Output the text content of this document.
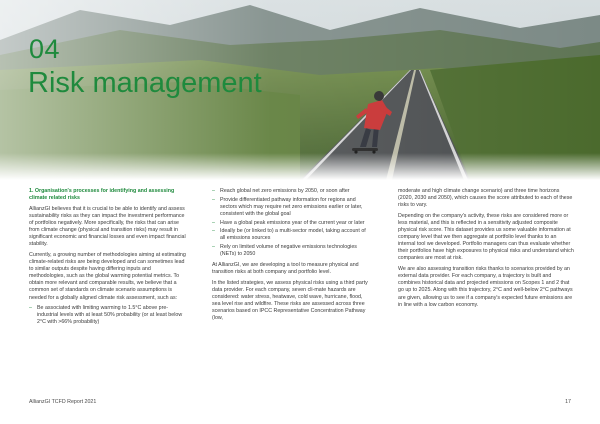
04
Risk management

1. Organisation's processes for identifying and assessing climate related risks

AllianzGI believes that it is crucial to be able to identify and assess sustainability risks as they can impact the investment performance of portfolios negatively. More specifically, the risks that can arise from climate change (physical and transition risks) may result in significant economic and financial losses and even impact financial stability.

Currently, a growing number of methodologies aiming at estimating climate-related risks are being developed and can sometimes lead to similar outputs despite having differing inputs and methodologies, such as the global warming potential metrics. To obtain more relevant and comparable results, we believe that a common set of standards on climate scenario assumptions is needed for a globally aligned climate risk assessment, such as:

– Be associated with limiting warming to 1.5°C above pre-industrial levels with at least 50% probability (or at least below 2°C with >66% probability)
– Reach global net zero emissions by 2050, or soon after
– Provide differentiated pathway information for regions and sectors which may require net zero emissions earlier or later, consistent with the global goal
– Have a global peak emissions year of the current year or later
– Ideally be (or linked to) a multi-sector model, taking account of all emissions sources
– Rely on limited volume of negative emissions technologies (NETs) to 2050

At AllianzGI, we are developing a tool to measure physical and transition risks at both company and portfolio level.

In the listed strategies, we assess physical risks using a third party data provider. For each company, seven cli-mate hazards are considered: water stress, heatwave, cold wave, hurricane, flood, sea level rise and wildfire. These risks are assessed across three scenarios based on IPCC Representative Concentration Pathway (low,

moderate and high climate change scenario) and three time horizons (2020, 2030 and 2050), which causes the score attributed to each of these risks to vary.

Depending on the company's activity, these risks are considered more or less material, and this is reflected in a sensitivity adjusted composite physical risk score. This dataset provides us some valuable information at company level that we then aggregate at portfolio level thanks to an internal tool we developed. Portfolio managers can thus evaluate whether their portfolios have high exposures to physical risks and understand which companies are most at risk.

We are also assessing transition risks thanks to scenarios provided by an external data provider. For each company, a trajectory is built and combines historical data and projected emissions on Scopes 1 and 2 that go up to 2025. Along with this trajectory, 2°C and well-below 2°C pathways are given, allowing us to see if a company's expected future emissions are in line with a low carbon economy.

AllianzGI TCFD Report 2021	17
